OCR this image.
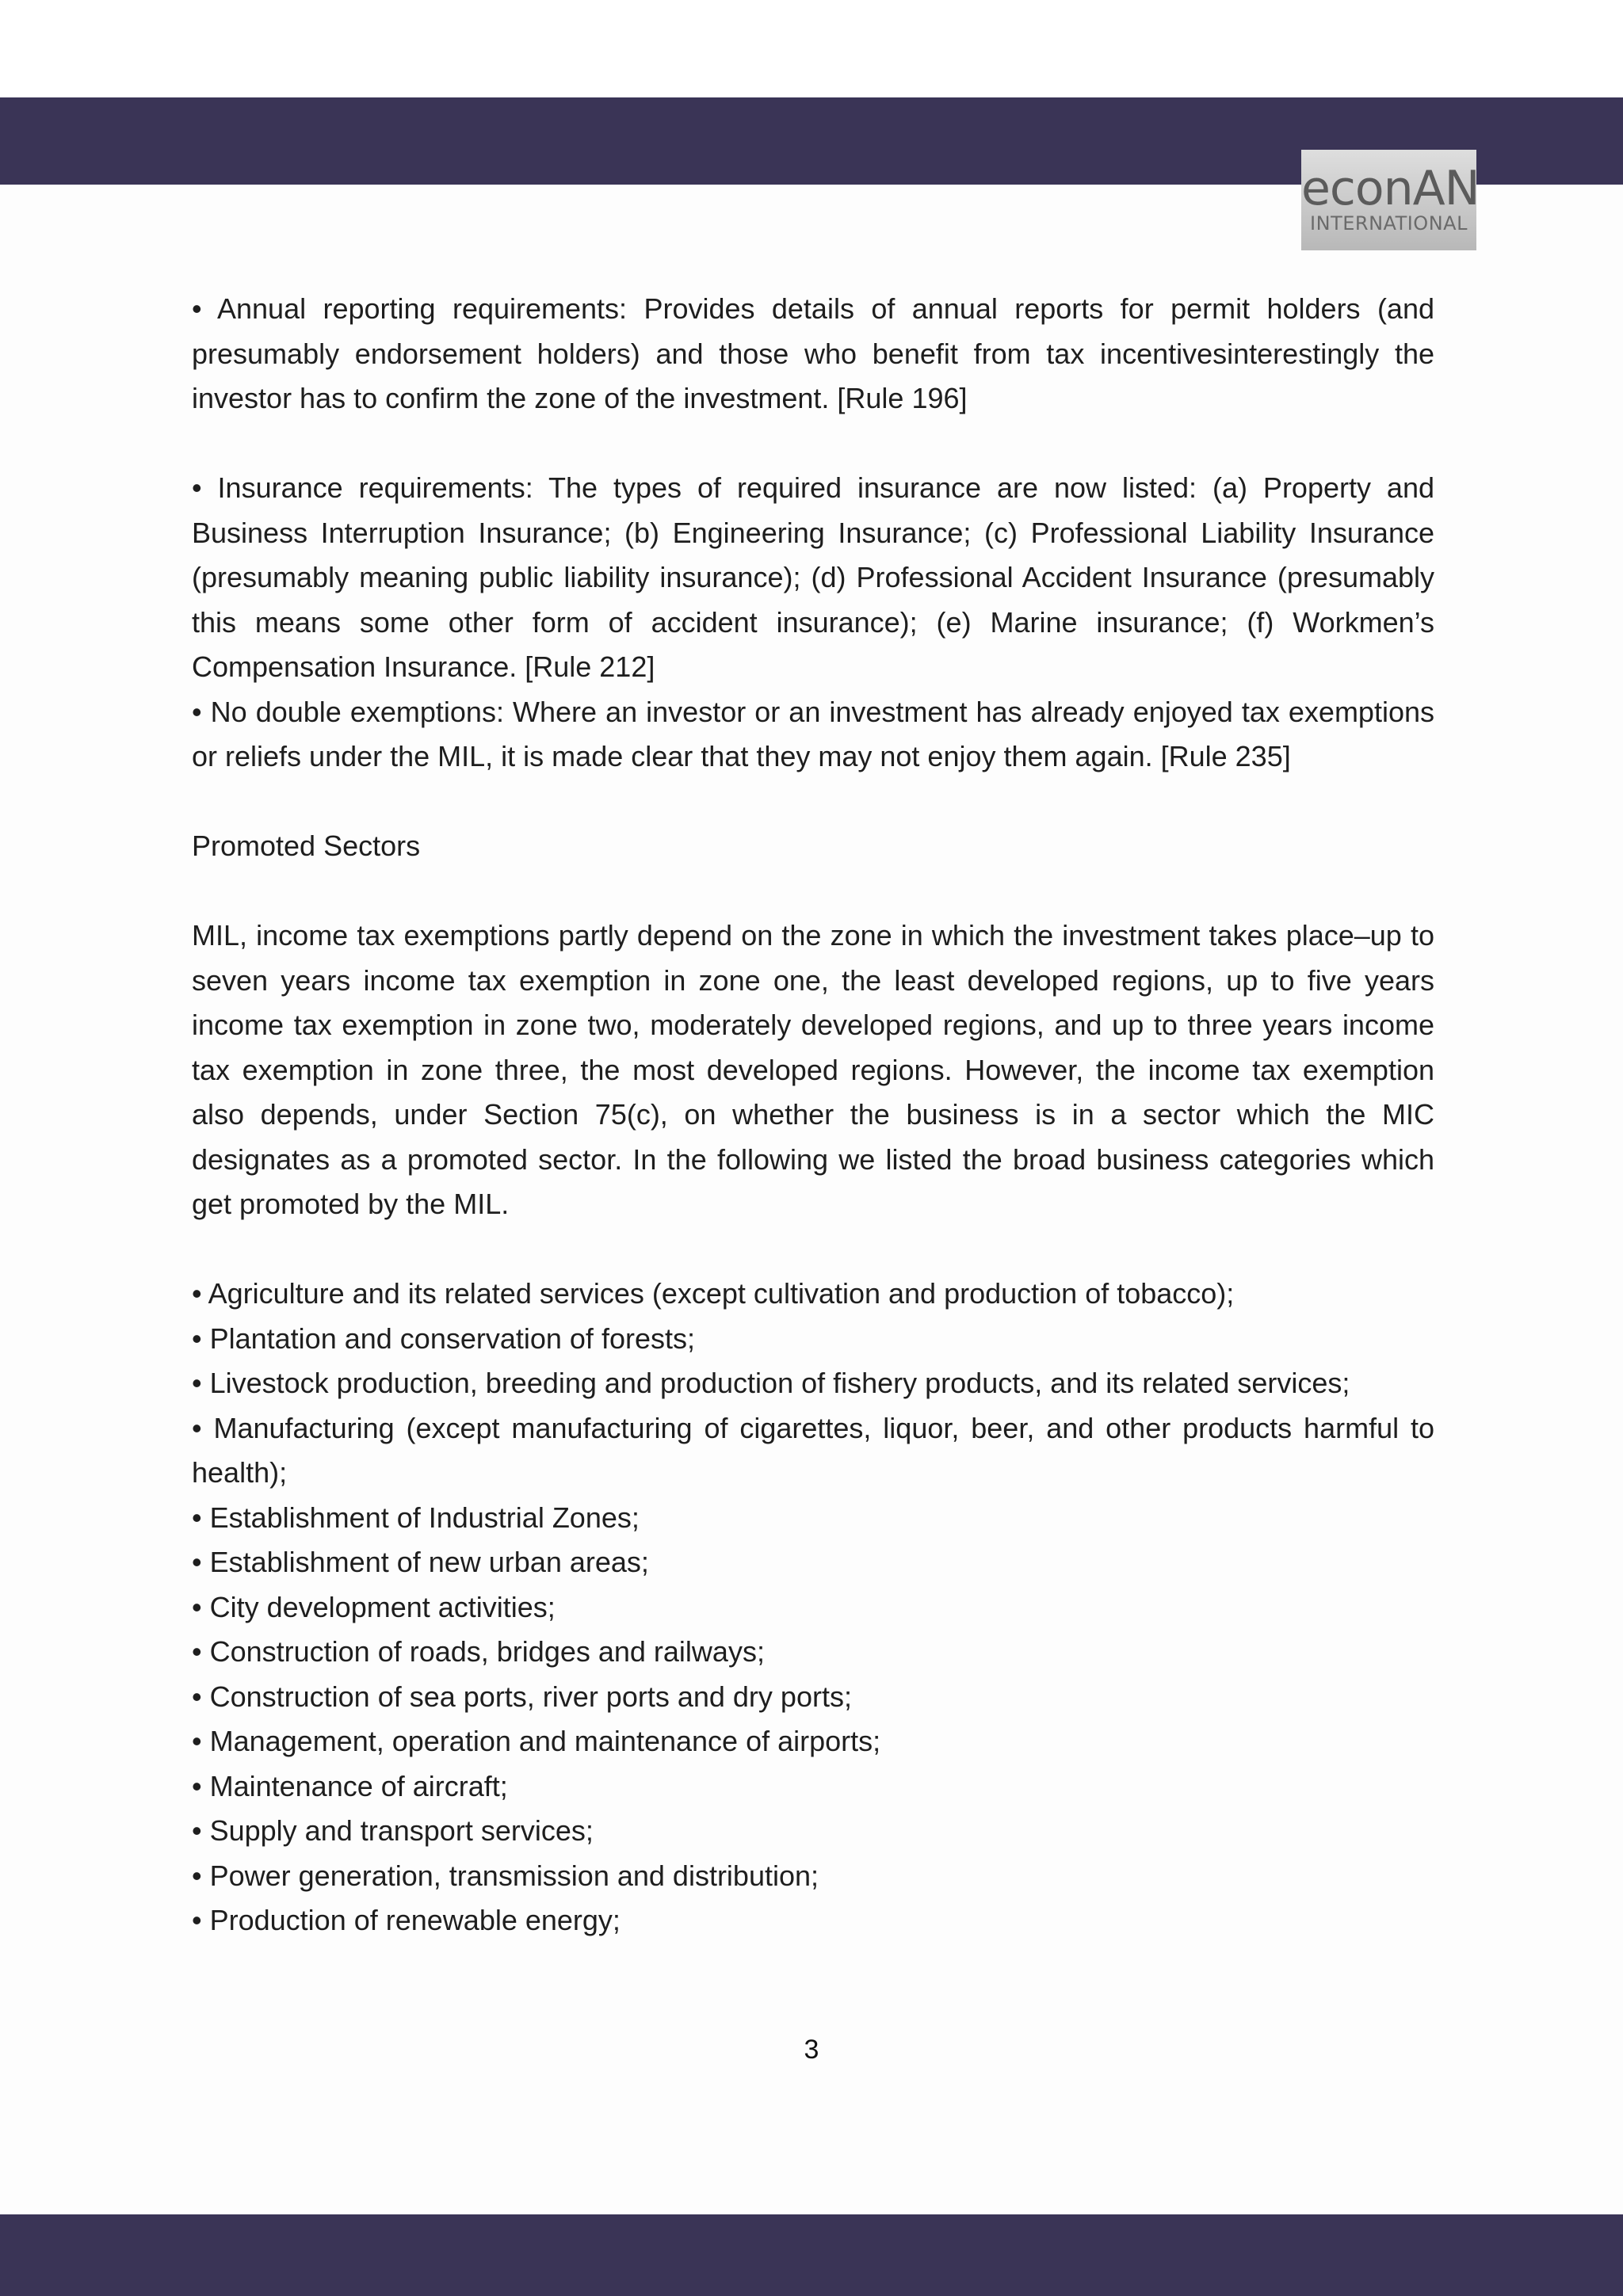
econAN
INTERNATIONAL

• Annual reporting requirements: Provides details of annual reports for permit holders (and presumably endorsement holders) and those who benefit from tax incentivesinterestingly the investor has to confirm the zone of the investment. [Rule 196]

• Insurance requirements: The types of required insurance are now listed: (a) Property and Business Interruption Insurance; (b) Engineering Insurance; (c) Professional Liability Insurance (presumably meaning public liability insurance); (d) Professional Accident Insurance (presumably this means some other form of accident insurance); (e) Marine insurance; (f) Workmen’s Compensation Insurance. [Rule 212]

• No double exemptions: Where an investor or an investment has already enjoyed tax exemptions or reliefs under the MIL, it is made clear that they may not enjoy them again. [Rule 235]

Promoted Sectors

MIL, income tax exemptions partly depend on the zone in which the investment takes place–up to seven years income tax exemption in zone one, the least developed regions, up to five years income tax exemption in zone two, moderately developed regions, and up to three years income tax exemption in zone three, the most developed regions. However, the income tax exemption also depends, under Section 75(c), on whether the business is in a sector which the MIC designates as a promoted sector. In the following we listed the broad business categories which get promoted by the MIL.

• Agriculture and its related services (except cultivation and production of tobacco);

• Plantation and conservation of forests;

• Livestock production, breeding and production of fishery products, and its related services;

• Manufacturing (except manufacturing of cigarettes, liquor, beer, and other products harmful to health);

• Establishment of Industrial Zones;

• Establishment of new urban areas;

• City development activities;

• Construction of roads, bridges and railways;

• Construction of sea ports, river ports and dry ports;

• Management, operation and maintenance of airports;

• Maintenance of aircraft;

• Supply and transport services;

• Power generation, transmission and distribution;

• Production of renewable energy;

3
